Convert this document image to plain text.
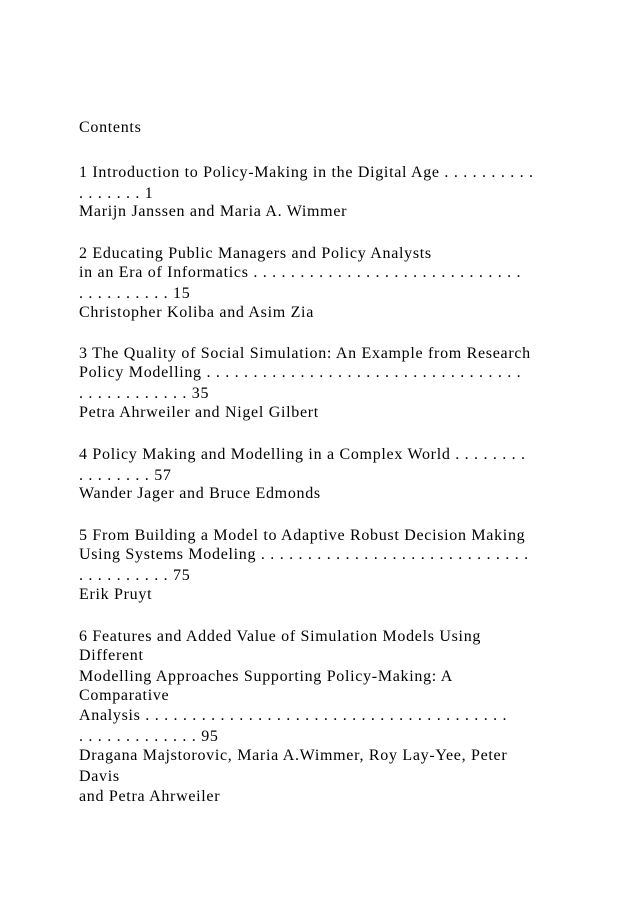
Contents

1 Introduction to Policy-Making in the Digital Age . . . . . . . . . .

. . . . . . . 1

Marijn Janssen and Maria A. Wimmer

2 Educating Public Managers and Policy Analysts

in an Era of Informatics . . . . . . . . . . . . . . . . . . . . . . . . . . . . .

. . . . . . . . . . 15

Christopher Koliba and Asim Zia

3 The Quality of Social Simulation: An Example from Research

Policy Modelling . . . . . . . . . . . . . . . . . . . . . . . . . . . . . . . . . .

. . . . . . . . . . . . 35

Petra Ahrweiler and Nigel Gilbert

4 Policy Making and Modelling in a Complex World . . . . . . . .

. . . . . . . . 57

Wander Jager and Bruce Edmonds

5 From Building a Model to Adaptive Robust Decision Making

Using Systems Modeling . . . . . . . . . . . . . . . . . . . . . . . . . . . . .

. . . . . . . . . . 75

Erik Pruyt

6 Features and Added Value of Simulation Models Using

Different

Modelling Approaches Supporting Policy-Making: A

Comparative

Analysis . . . . . . . . . . . . . . . . . . . . . . . . . . . . . . . . . . . . . . .

. . . . . . . . . . . . . 95

Dragana Majstorovic, Maria A.Wimmer, Roy Lay-Yee, Peter

Davis

and Petra Ahrweiler
